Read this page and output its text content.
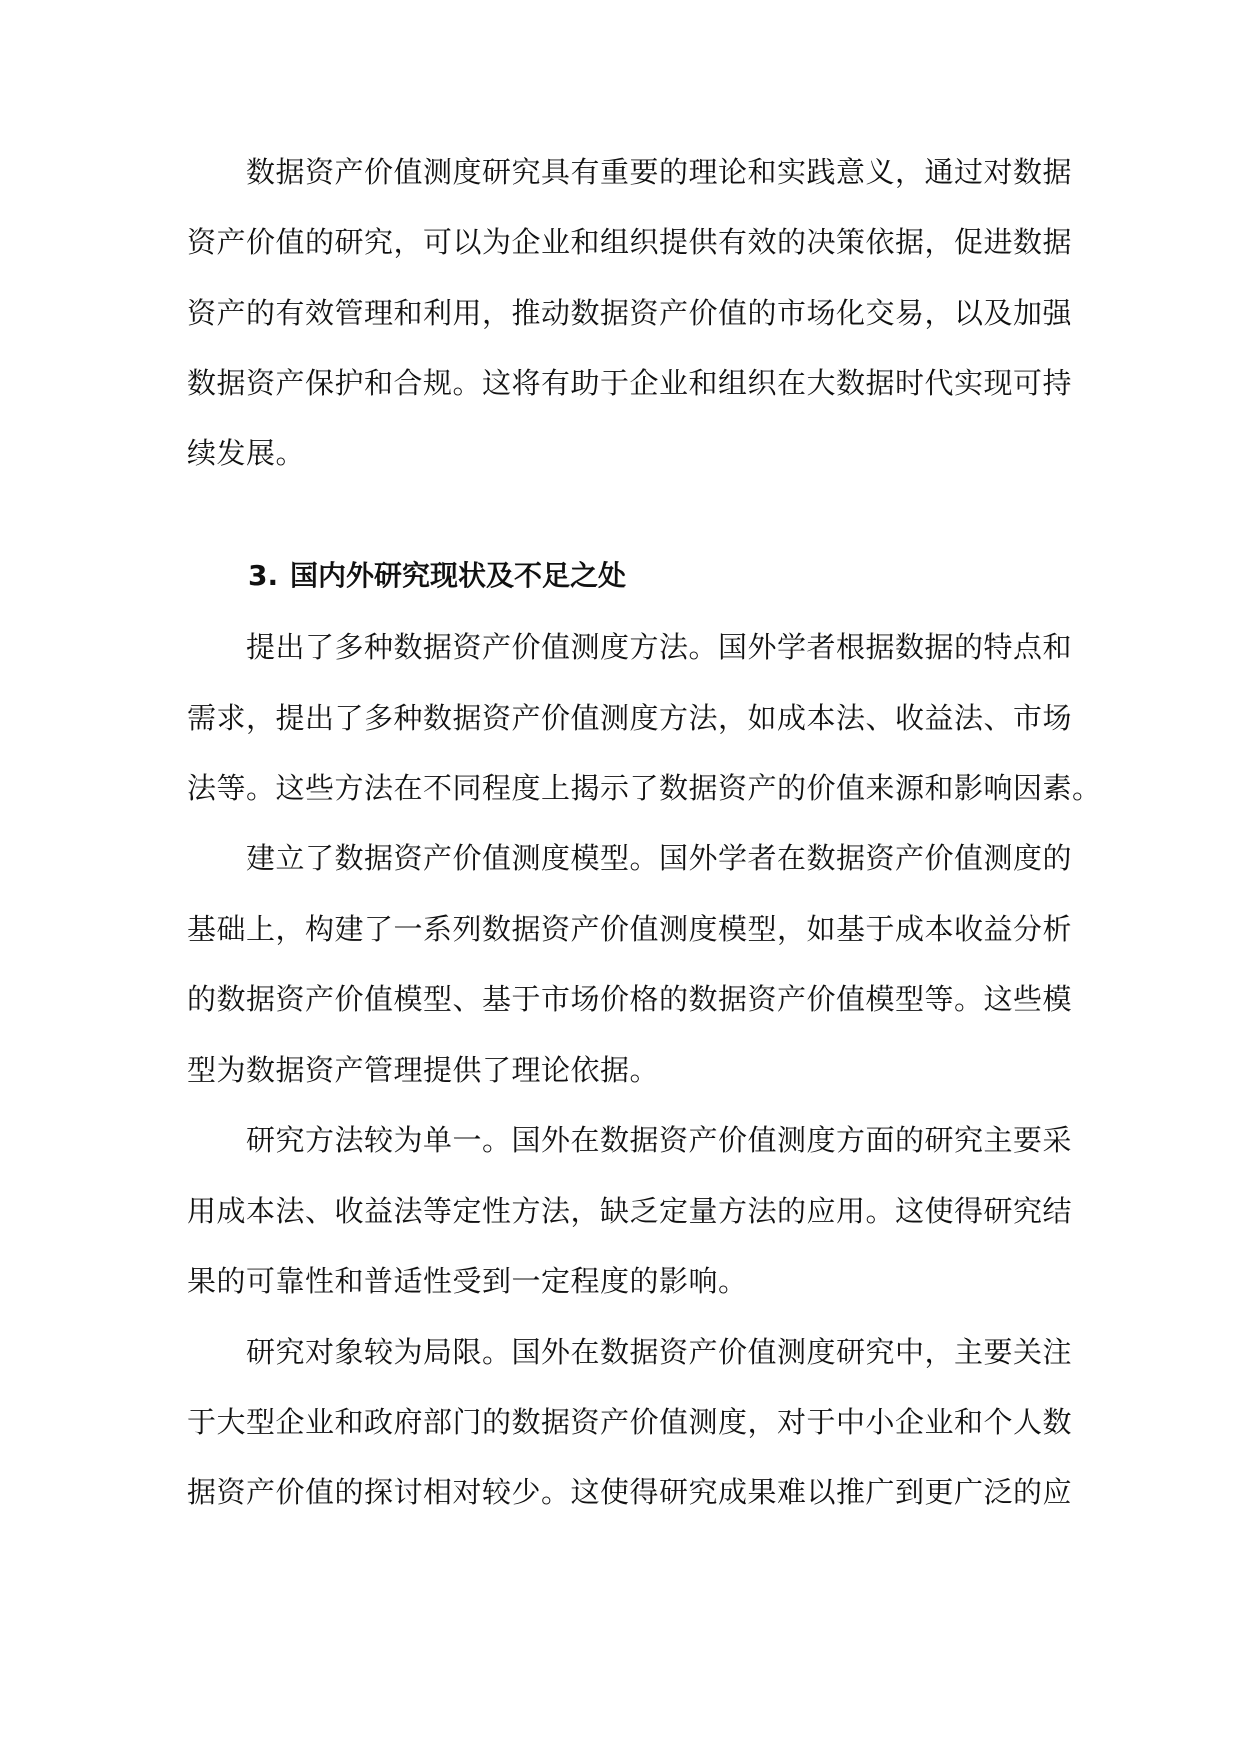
数据资产价值测度研究具有重要的理论和实践意义，通过对数据
资产价值的研究，可以为企业和组织提供有效的决策依据，促进数据
资产的有效管理和利用，推动数据资产价值的市场化交易，以及加强
数据资产保护和合规。这将有助于企业和组织在大数据时代实现可持
续发展。
3. 国内外研究现状及不足之处
提出了多种数据资产价值测度方法。国外学者根据数据的特点和
需求，提出了多种数据资产价值测度方法，如成本法、收益法、市场
法等。这些方法在不同程度上揭示了数据资产的价值来源和影响因素。
建立了数据资产价值测度模型。国外学者在数据资产价值测度的
基础上，构建了一系列数据资产价值测度模型，如基于成本收益分析
的数据资产价值模型、基于市场价格的数据资产价值模型等。这些模
型为数据资产管理提供了理论依据。
研究方法较为单一。国外在数据资产价值测度方面的研究主要采
用成本法、收益法等定性方法，缺乏定量方法的应用。这使得研究结
果的可靠性和普适性受到一定程度的影响。
研究对象较为局限。国外在数据资产价值测度研究中，主要关注
于大型企业和政府部门的数据资产价值测度，对于中小企业和个人数
据资产价值的探讨相对较少。这使得研究成果难以推广到更广泛的应
